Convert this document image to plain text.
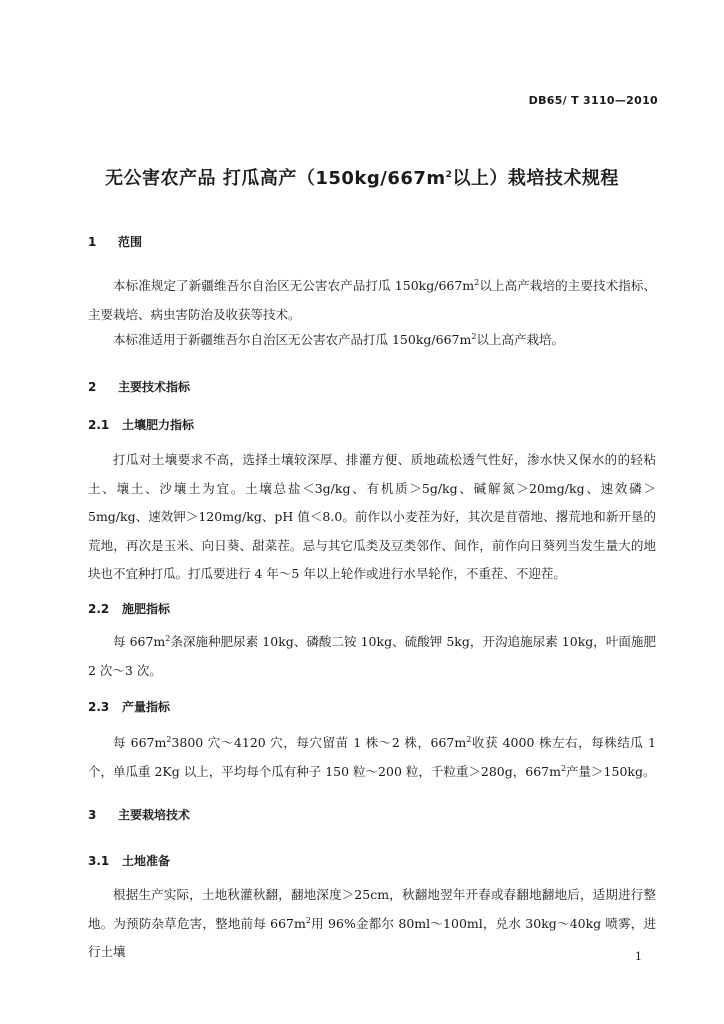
DB65/ T 3110—2010
无公害农产品 打瓜高产（$150kg/667m^2$以上）栽培技术规程
1 范围
本标准规定了新疆维吾尔自治区无公害农产品打瓜 $150kg/667m^2$以上高产栽培的主要技术指标、主要栽培、病虫害防治及收获等技术。
本标准适用于新疆维吾尔自治区无公害农产品打瓜 $150kg/667m^2$以上高产栽培。
2 主要技术指标
2.1 土壤肥力指标
打瓜对土壤要求不高，选择土壤较深厚、排灌方便、质地疏松透气性好，渗水快又保水的的轻粘土、壤土、沙壤土为宜。土壤总盐＜3g/kg、有机质＞5g/kg、碱解氮＞20mg/kg、速效磷＞5mg/kg、速效钾＞120mg/kg、pH 值＜8.0。前作以小麦茬为好，其次是苜蓿地、撂荒地和新开垦的荒地，再次是玉米、向日葵、甜菜茬。忌与其它瓜类及豆类邻作、间作，前作向日葵列当发生量大的地块也不宜种打瓜。打瓜要进行 4 年～5 年以上轮作或进行水旱轮作，不重茬、不迎茬。
2.2 施肥指标
每 $667m^2$条深施种肥尿素 10kg、磷酸二铵 10kg、硫酸钾 5kg，开沟追施尿素 10kg，叶面施肥 2 次～3 次。
2.3 产量指标
每 $667m^23800$ 穴～4120 穴，每穴留苗 1 株～2 株，$667m^2$收获 4000 株左右，每株结瓜 1 个，单瓜重 2Kg 以上，平均每个瓜有种子 150 粒～200 粒，千粒重＞280g，$667m^2$产量＞150kg。
3 主要栽培技术
3.1 土地准备
根据生产实际，土地秋灌秋翻，翻地深度＞25cm，秋翻地翌年开春或春翻地翻地后，适期进行整地。为预防杂草危害，整地前每 $667m^2$用 96%金都尔 80ml～100ml，兑水 30kg～40kg 喷雾，进行土壤	1
